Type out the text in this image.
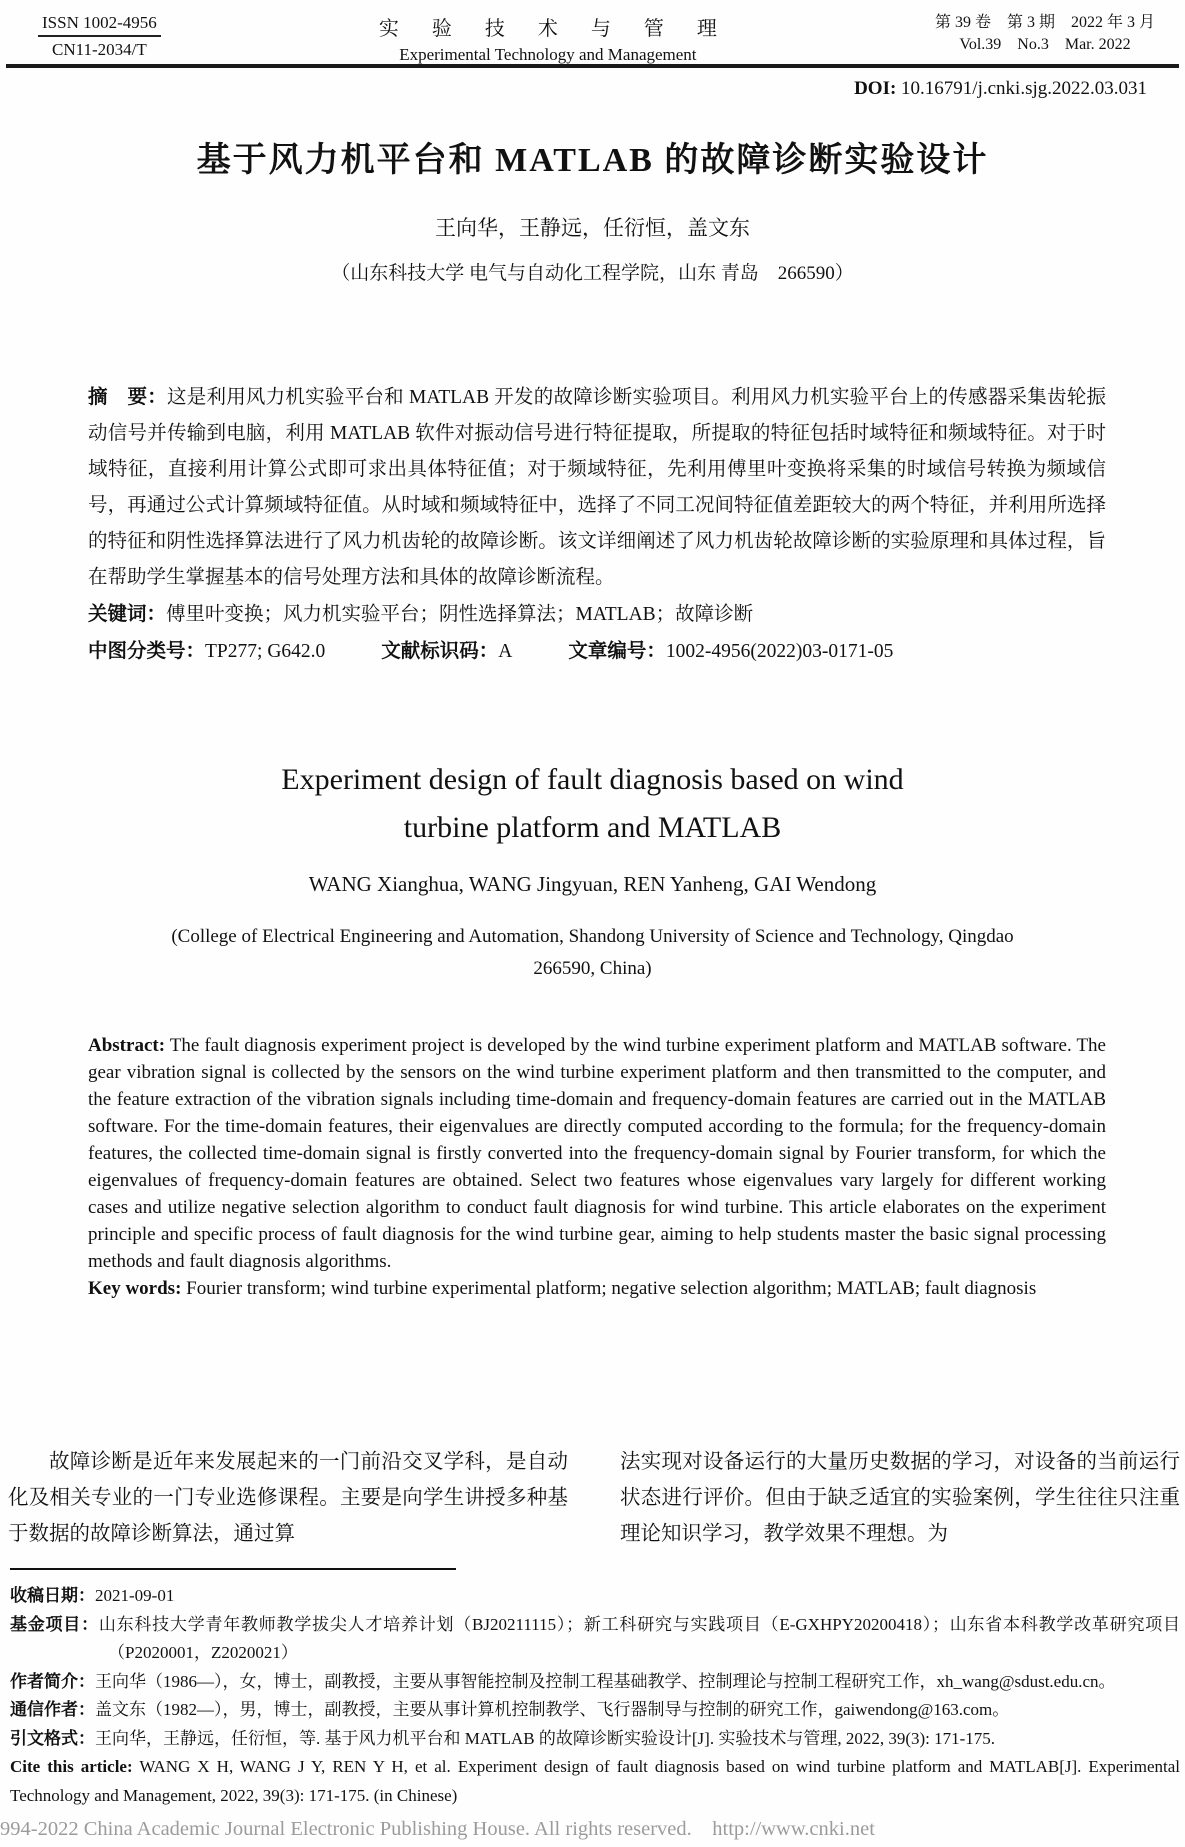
ISSN 1002-4956
CN11-2034/T
实 验 技 术 与 管 理
Experimental Technology and Management
第 39 卷　第 3 期　2022 年 3 月
Vol.39　No.3　Mar. 2022
DOI: 10.16791/j.cnki.sjg.2022.03.031
基于风力机平台和 MATLAB 的故障诊断实验设计
王向华，王静远，任衍恒，盖文东
（山东科技大学 电气与自动化工程学院，山东 青岛　266590）

摘　要：这是利用风力机实验平台和 MATLAB 开发的故障诊断实验项目。利用风力机实验平台上的传感器采集齿轮振动信号并传输到电脑，利用 MATLAB 软件对振动信号进行特征提取，所提取的特征包括时域特征和频域特征。对于时域特征，直接利用计算公式即可求出具体特征值；对于频域特征，先利用傅里叶变换将采集的时域信号转换为频域信号，再通过公式计算频域特征值。从时域和频域特征中，选择了不同工况间特征值差距较大的两个特征，并利用所选择的特征和阴性选择算法进行了风力机齿轮的故障诊断。该文详细阐述了风力机齿轮故障诊断的实验原理和具体过程，旨在帮助学生掌握基本的信号处理方法和具体的故障诊断流程。

关键词：傅里叶变换；风力机实验平台；阴性选择算法；MATLAB；故障诊断
中图分类号：TP277; G642.0	文献标识码：A	文章编号：1002-4956(2022)03-0171-05
Experiment design of fault diagnosis based on wind
turbine platform and MATLAB
WANG Xianghua, WANG Jingyuan, REN Yanheng, GAI Wendong
(College of Electrical Engineering and Automation, Shandong University of Science and Technology, Qingdao 266590, China)

Abstract: The fault diagnosis experiment project is developed by the wind turbine experiment platform and MATLAB software. The gear vibration signal is collected by the sensors on the wind turbine experiment platform and then transmitted to the computer, and the feature extraction of the vibration signals including time-domain and frequency-domain features are carried out in the MATLAB software. For the time-domain features, their eigenvalues are directly computed according to the formula; for the frequency-domain features, the collected time-domain signal is firstly converted into the frequency-domain signal by Fourier transform, for which the eigenvalues of frequency-domain features are obtained. Select two features whose eigenvalues vary largely for different working cases and utilize negative selection algorithm to conduct fault diagnosis for wind turbine. This article elaborates on the experiment principle and specific process of fault diagnosis for the wind turbine gear, aiming to help students master the basic signal processing methods and fault diagnosis algorithms.

Key words: Fourier transform; wind turbine experimental platform; negative selection algorithm; MATLAB; fault diagnosis

故障诊断是近年来发展起来的一门前沿交叉学科，是自动化及相关专业的一门专业选修课程。主要是向学生讲授多种基于数据的故障诊断算法，通过算

法实现对设备运行的大量历史数据的学习，对设备的当前运行状态进行评价。但由于缺乏适宜的实验案例，学生往往只注重理论知识学习，教学效果不理想。为

收稿日期：2021-09-01
基金项目：山东科技大学青年教师教学拔尖人才培养计划（BJ20211115）；新工科研究与实践项目（E-GXHPY20200418）；山东省本科教学改革研究项目（P2020001，Z2020021）
作者简介：王向华（1986—），女，博士，副教授，主要从事智能控制及控制工程基础教学、控制理论与控制工程研究工作，xh_wang@sdust.edu.cn。
通信作者：盖文东（1982—），男，博士，副教授，主要从事计算机控制教学、飞行器制导与控制的研究工作，gaiwendong@163.com。
引文格式：王向华，王静远，任衍恒，等. 基于风力机平台和 MATLAB 的故障诊断实验设计[J]. 实验技术与管理, 2022, 39(3): 171-175.
Cite this article: WANG X H, WANG J Y, REN Y H, et al. Experiment design of fault diagnosis based on wind turbine platform and MATLAB[J]. Experimental Technology and Management, 2022, 39(3): 171-175. (in Chinese)
994-2022 China Academic Journal Electronic Publishing House. All rights reserved.    http://www.cnki.net
